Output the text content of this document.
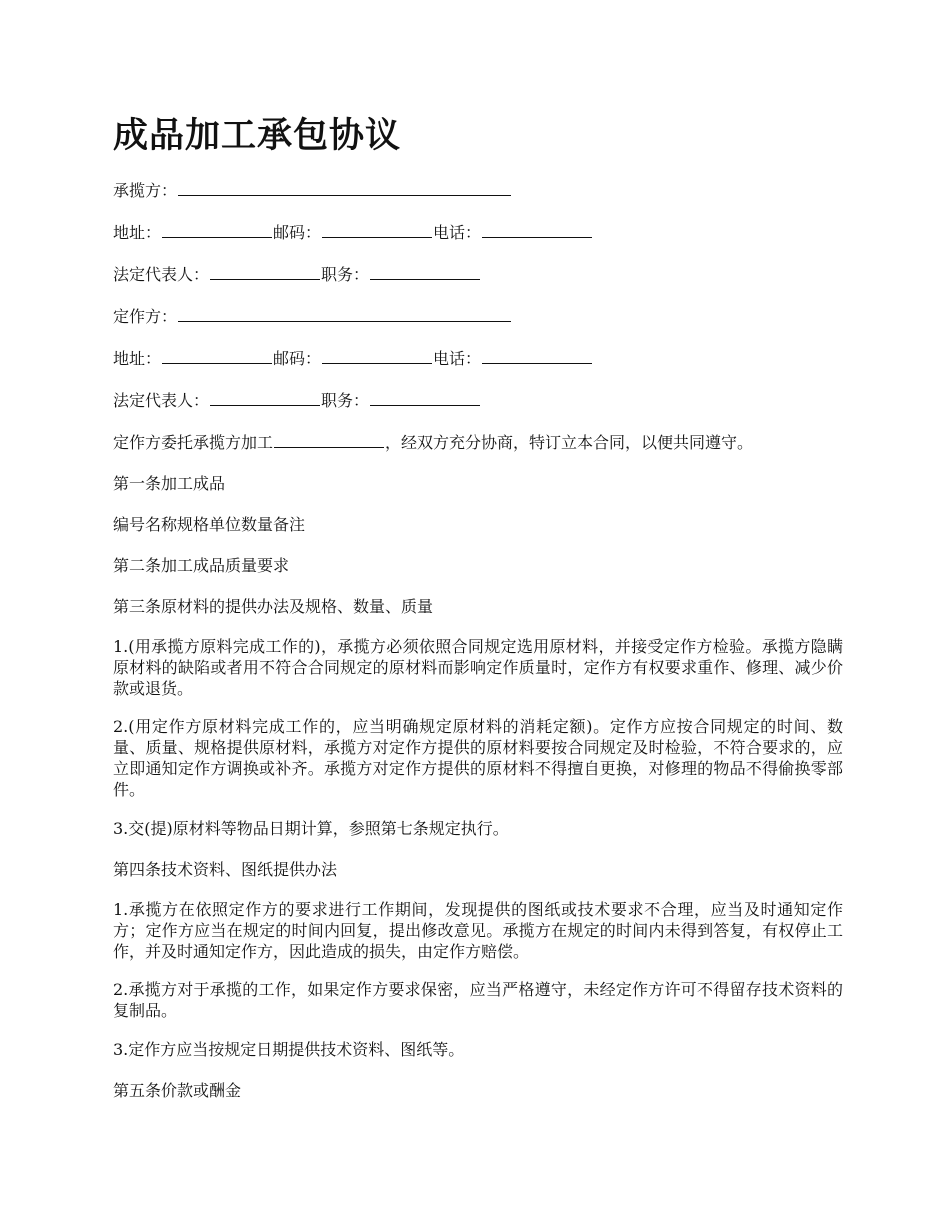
成品加工承包协议
承揽方：
地址：	邮码：	电话：
法定代表人：	职务：
定作方：
地址：	邮码：	电话：
法定代表人：	职务：
定作方委托承揽方加工	，经双方充分协商，特订立本合同，以便共同遵守。

第一条加工成品

编号名称规格单位数量备注

第二条加工成品质量要求

第三条原材料的提供办法及规格、数量、质量

1.(用承揽方原料完成工作的)，承揽方必须依照合同规定选用原材料，并接受定作方检验。承揽方隐瞒原材料的缺陷或者用不符合合同规定的原材料而影响定作质量时，定作方有权要求重作、修理、减少价款或退货。

2.(用定作方原材料完成工作的，应当明确规定原材料的消耗定额)。定作方应按合同规定的时间、数量、质量、规格提供原材料，承揽方对定作方提供的原材料要按合同规定及时检验，不符合要求的，应立即通知定作方调换或补齐。承揽方对定作方提供的原材料不得擅自更换，对修理的物品不得偷换零部件。

3.交(提)原材料等物品日期计算，参照第七条规定执行。

第四条技术资料、图纸提供办法

1.承揽方在依照定作方的要求进行工作期间，发现提供的图纸或技术要求不合理，应当及时通知定作方；定作方应当在规定的时间内回复，提出修改意见。承揽方在规定的时间内未得到答复，有权停止工作，并及时通知定作方，因此造成的损失，由定作方赔偿。

2.承揽方对于承揽的工作，如果定作方要求保密，应当严格遵守，未经定作方许可不得留存技术资料的复制品。

3.定作方应当按规定日期提供技术资料、图纸等。

第五条价款或酬金
